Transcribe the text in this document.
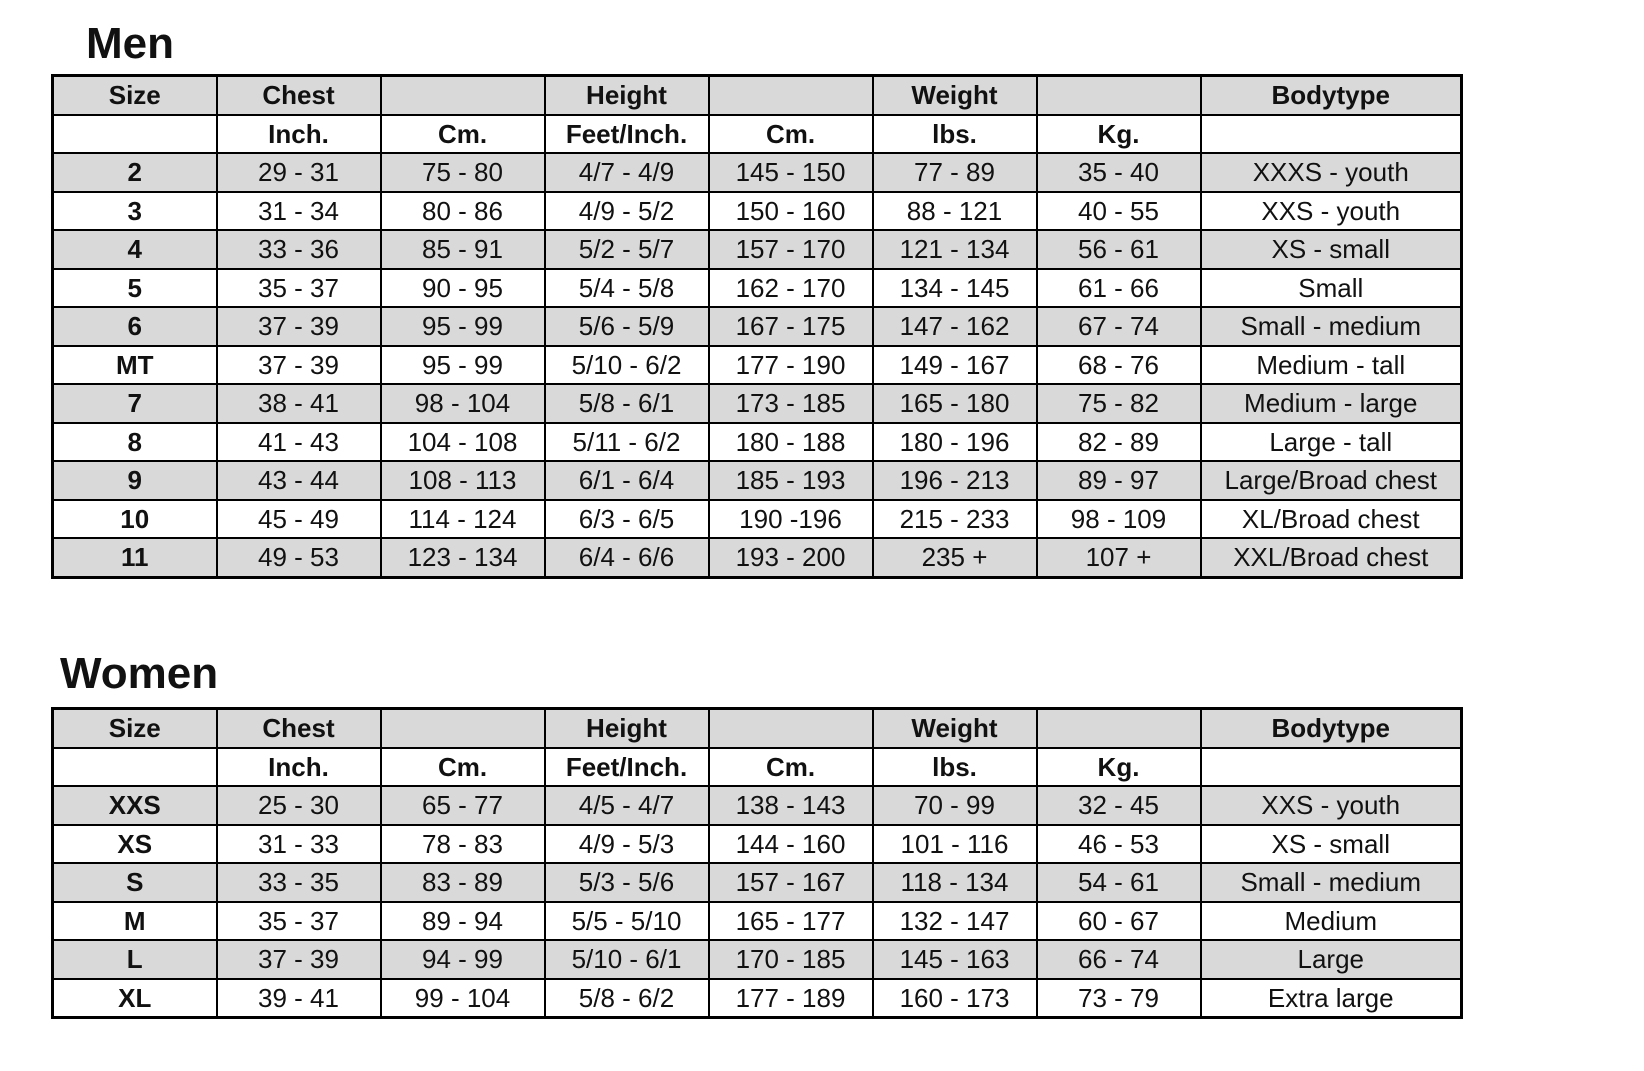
Men
Size	Chest		Height		Weight		Bodytype
	Inch.	Cm.	Feet/Inch.	Cm.	lbs.	Kg.	
2	29 - 31	75 - 80	4/7 - 4/9	145 - 150	77 - 89	35 - 40	XXXS - youth
3	31 - 34	80 - 86	4/9 - 5/2	150 - 160	88 - 121	40 - 55	XXS - youth
4	33 - 36	85 - 91	5/2 - 5/7	157 - 170	121 - 134	56 - 61	XS - small
5	35 - 37	90 - 95	5/4 - 5/8	162 - 170	134 - 145	61 - 66	Small
6	37 - 39	95 - 99	5/6 - 5/9	167 - 175	147 - 162	67 - 74	Small - medium
MT	37 - 39	95 - 99	5/10 - 6/2	177 - 190	149 - 167	68 - 76	Medium - tall
7	38 - 41	98 - 104	5/8 - 6/1	173 - 185	165 - 180	75 - 82	Medium - large
8	41 - 43	104 - 108	5/11 - 6/2	180 - 188	180 - 196	82 - 89	Large - tall
9	43 - 44	108 - 113	6/1 - 6/4	185 - 193	196 - 213	89 - 97	Large/Broad chest
10	45 - 49	114 - 124	6/3 - 6/5	190 -196	215 - 233	98 - 109	XL/Broad chest
11	49 - 53	123 - 134	6/4 - 6/6	193 - 200	235 +	107 +	XXL/Broad chest
Women
Size	Chest		Height		Weight		Bodytype
	Inch.	Cm.	Feet/Inch.	Cm.	lbs.	Kg.	
XXS	25 - 30	65 - 77	4/5 - 4/7	138 - 143	70 - 99	32 - 45	XXS - youth
XS	31 - 33	78 - 83	4/9 - 5/3	144 - 160	101 - 116	46 - 53	XS - small
S	33 - 35	83 - 89	5/3 - 5/6	157 - 167	118 - 134	54 - 61	Small - medium
M	35 - 37	89 - 94	5/5 - 5/10	165 - 177	132 - 147	60 - 67	Medium
L	37 - 39	94 - 99	5/10 - 6/1	170 - 185	145 - 163	66 - 74	Large
XL	39 - 41	99 - 104	5/8 - 6/2	177 - 189	160 - 173	73 - 79	Extra large
